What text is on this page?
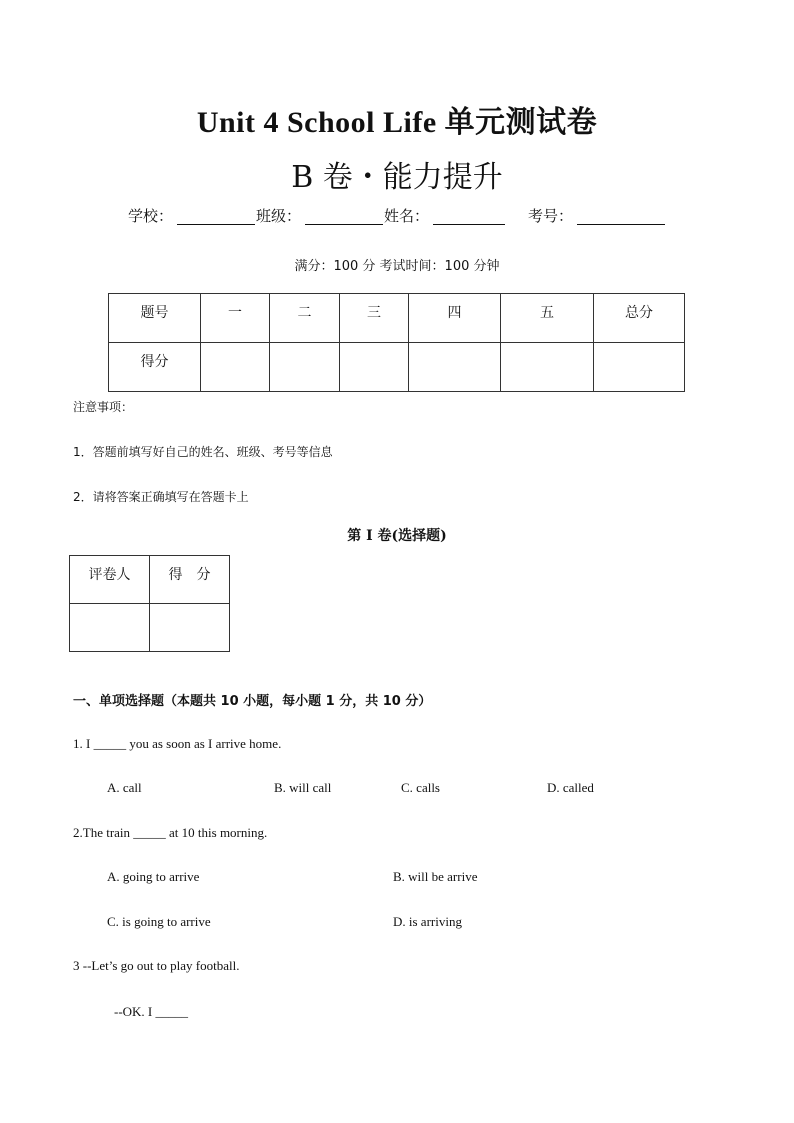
Unit 4 School Life 单元测试卷
B 卷・能力提升
学校：	班级：	姓名：	考号：
满分：100 分 考试时间：100 分钟
题号	一	二	三	四	五	总分
得分						
注意事项：
1．答题前填写好自己的姓名、班级、考号等信息
2．请将答案正确填写在答题卡上
第 I 卷(选择题)
评卷人	得　分

一、单项选择题（本题共 10 小题，每小题 1 分，共 10 分）
1. I _____ you as soon as I arrive home.
A. call	B. will call	C. calls	D. called
2.The train _____ at 10 this morning.
A. going to arrive	B. will be arrive
C. is going to arrive	D. is arriving
3 --Let’s go out to play football.
--OK. I _____
